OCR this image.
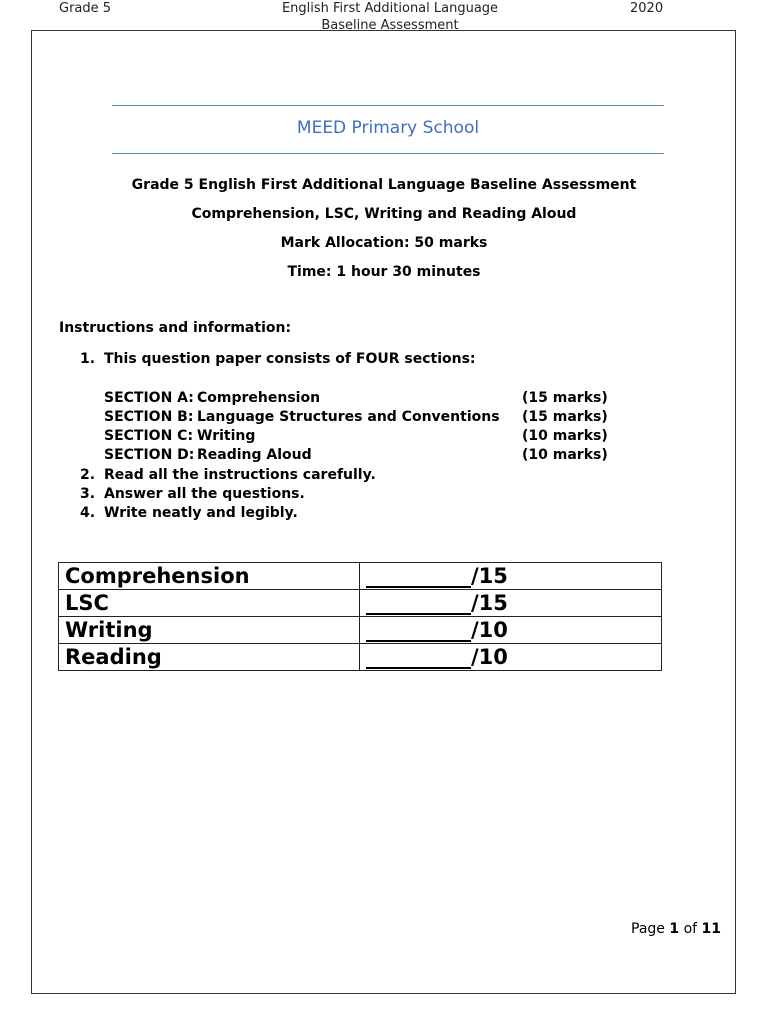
Grade 5	English First Additional Language
Baseline Assessment
2020
MEED Primary School
Grade 5 English First Additional Language Baseline Assessment
Comprehension, LSC, Writing and Reading Aloud
Mark Allocation: 50 marks
Time: 1 hour 30 minutes
Instructions and information:
1. This question paper consists of FOUR sections:
SECTION A: Comprehension	(15 marks)
SECTION B: Language Structures and Conventions (15 marks)
SECTION C: Writing	(10 marks)
SECTION D: Reading Aloud	(10 marks)
2. Read all the instructions carefully.
3. Answer all the questions.
4. Write neatly and legibly.
Comprehension	__________/15
LSC	__________/15
Writing	__________/10
Reading	__________/10
Page 1 of 11
